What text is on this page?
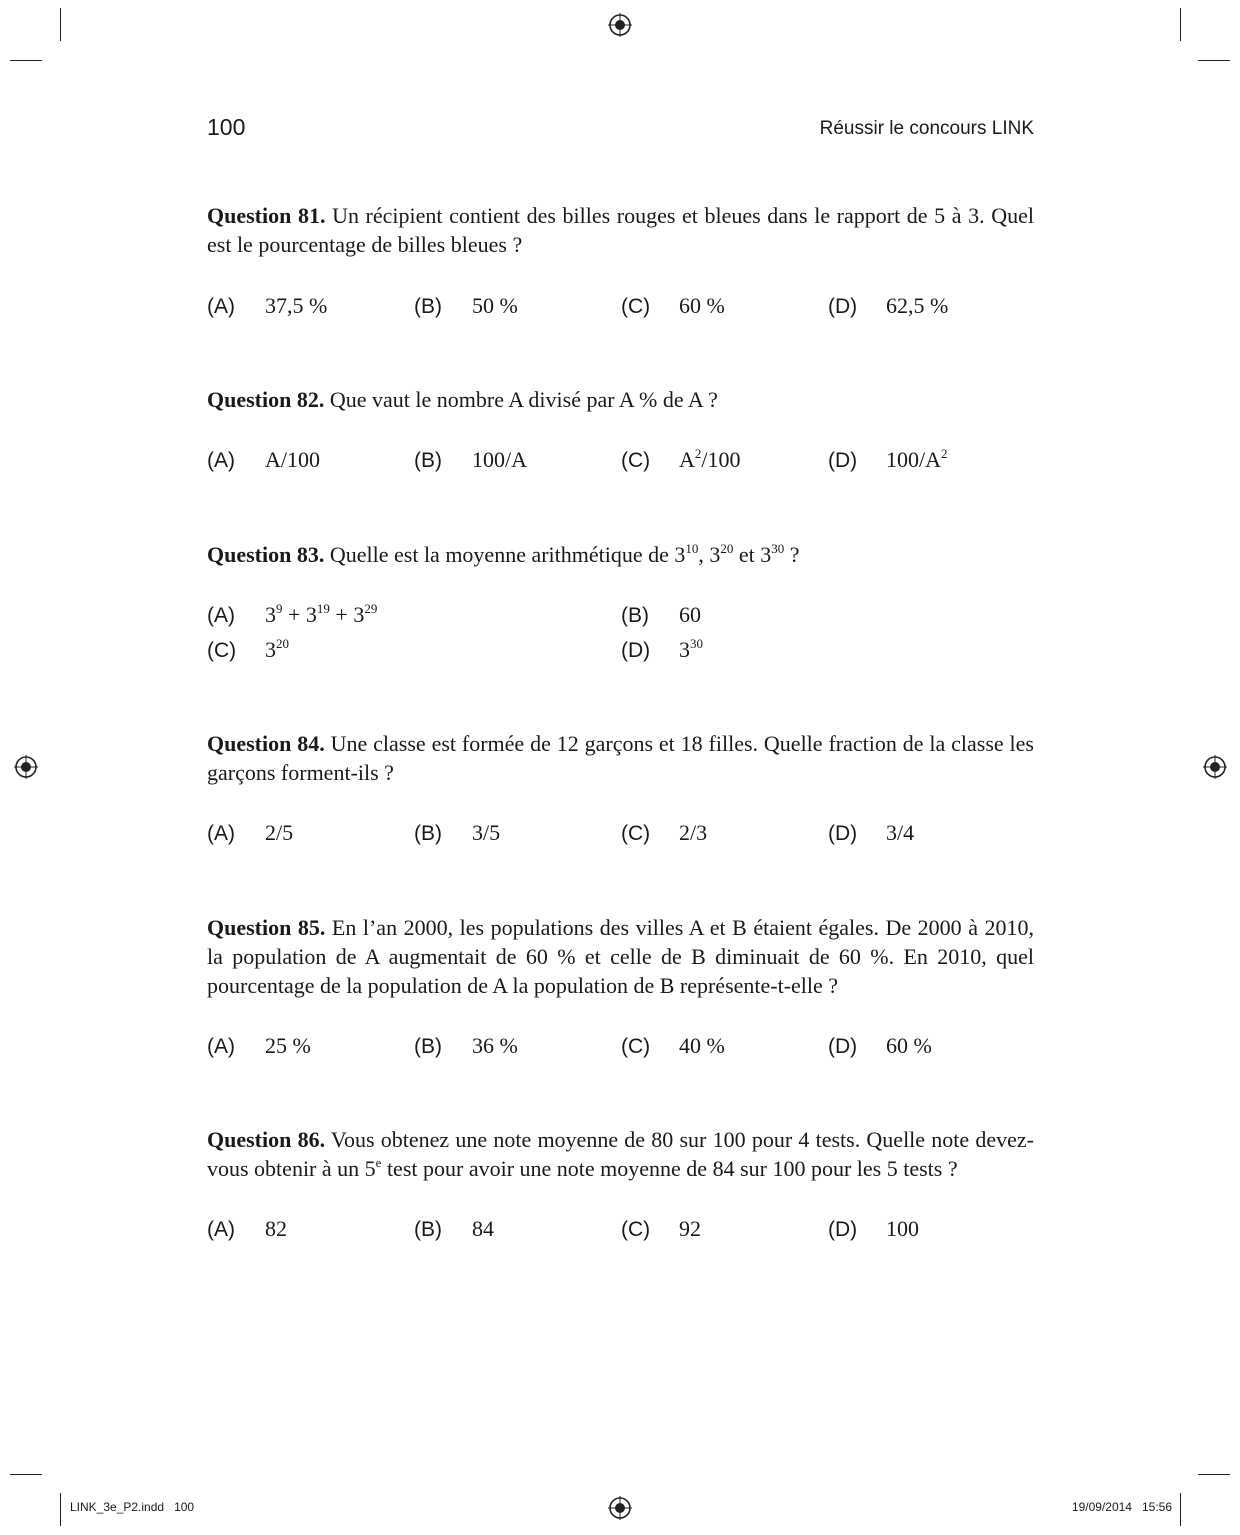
100	Réussir le concours LINK

Question 81. Un récipient contient des billes rouges et bleues dans le rapport de 5 à 3. Quel est le pourcentage de billes bleues ?

(A) 37,5 %	(B) 50 %	(C) 60 %	(D) 62,5 %

Question 82. Que vaut le nombre A divisé par A % de A ?

(A) A/100	(B) 100/A	(C) $A^2/100$	(D) $100/A^2$

Question 83. Quelle est la moyenne arithmétique de $3^{10}$, $3^{20}$ et $3^{30}$ ?

(A) $3^9 + 3^{19} + 3^{29}$	(B) 60
(C) $3^{20}$	(D) $3^{30}$

Question 84. Une classe est formée de 12 garçons et 18 filles. Quelle fraction de la classe les garçons forment-ils ?

(A) 2/5	(B) 3/5	(C) 2/3	(D) 3/4

Question 85. En l’an 2000, les populations des villes A et B étaient égales. De 2000 à 2010, la population de A augmentait de 60 % et celle de B diminuait de 60 %. En 2010, quel pourcentage de la population de A la population de B représente-t-elle ?

(A) 25 %	(B) 36 %	(C) 40 %	(D) 60 %

Question 86. Vous obtenez une note moyenne de 80 sur 100 pour 4 tests. Quelle note devez-vous obtenir à un 5e test pour avoir une note moyenne de 84 sur 100 pour les 5 tests ?

(A) 82	(B) 84	(C) 92	(D) 100
LINK_3e_P2.indd   100	19/09/2014   15:56
